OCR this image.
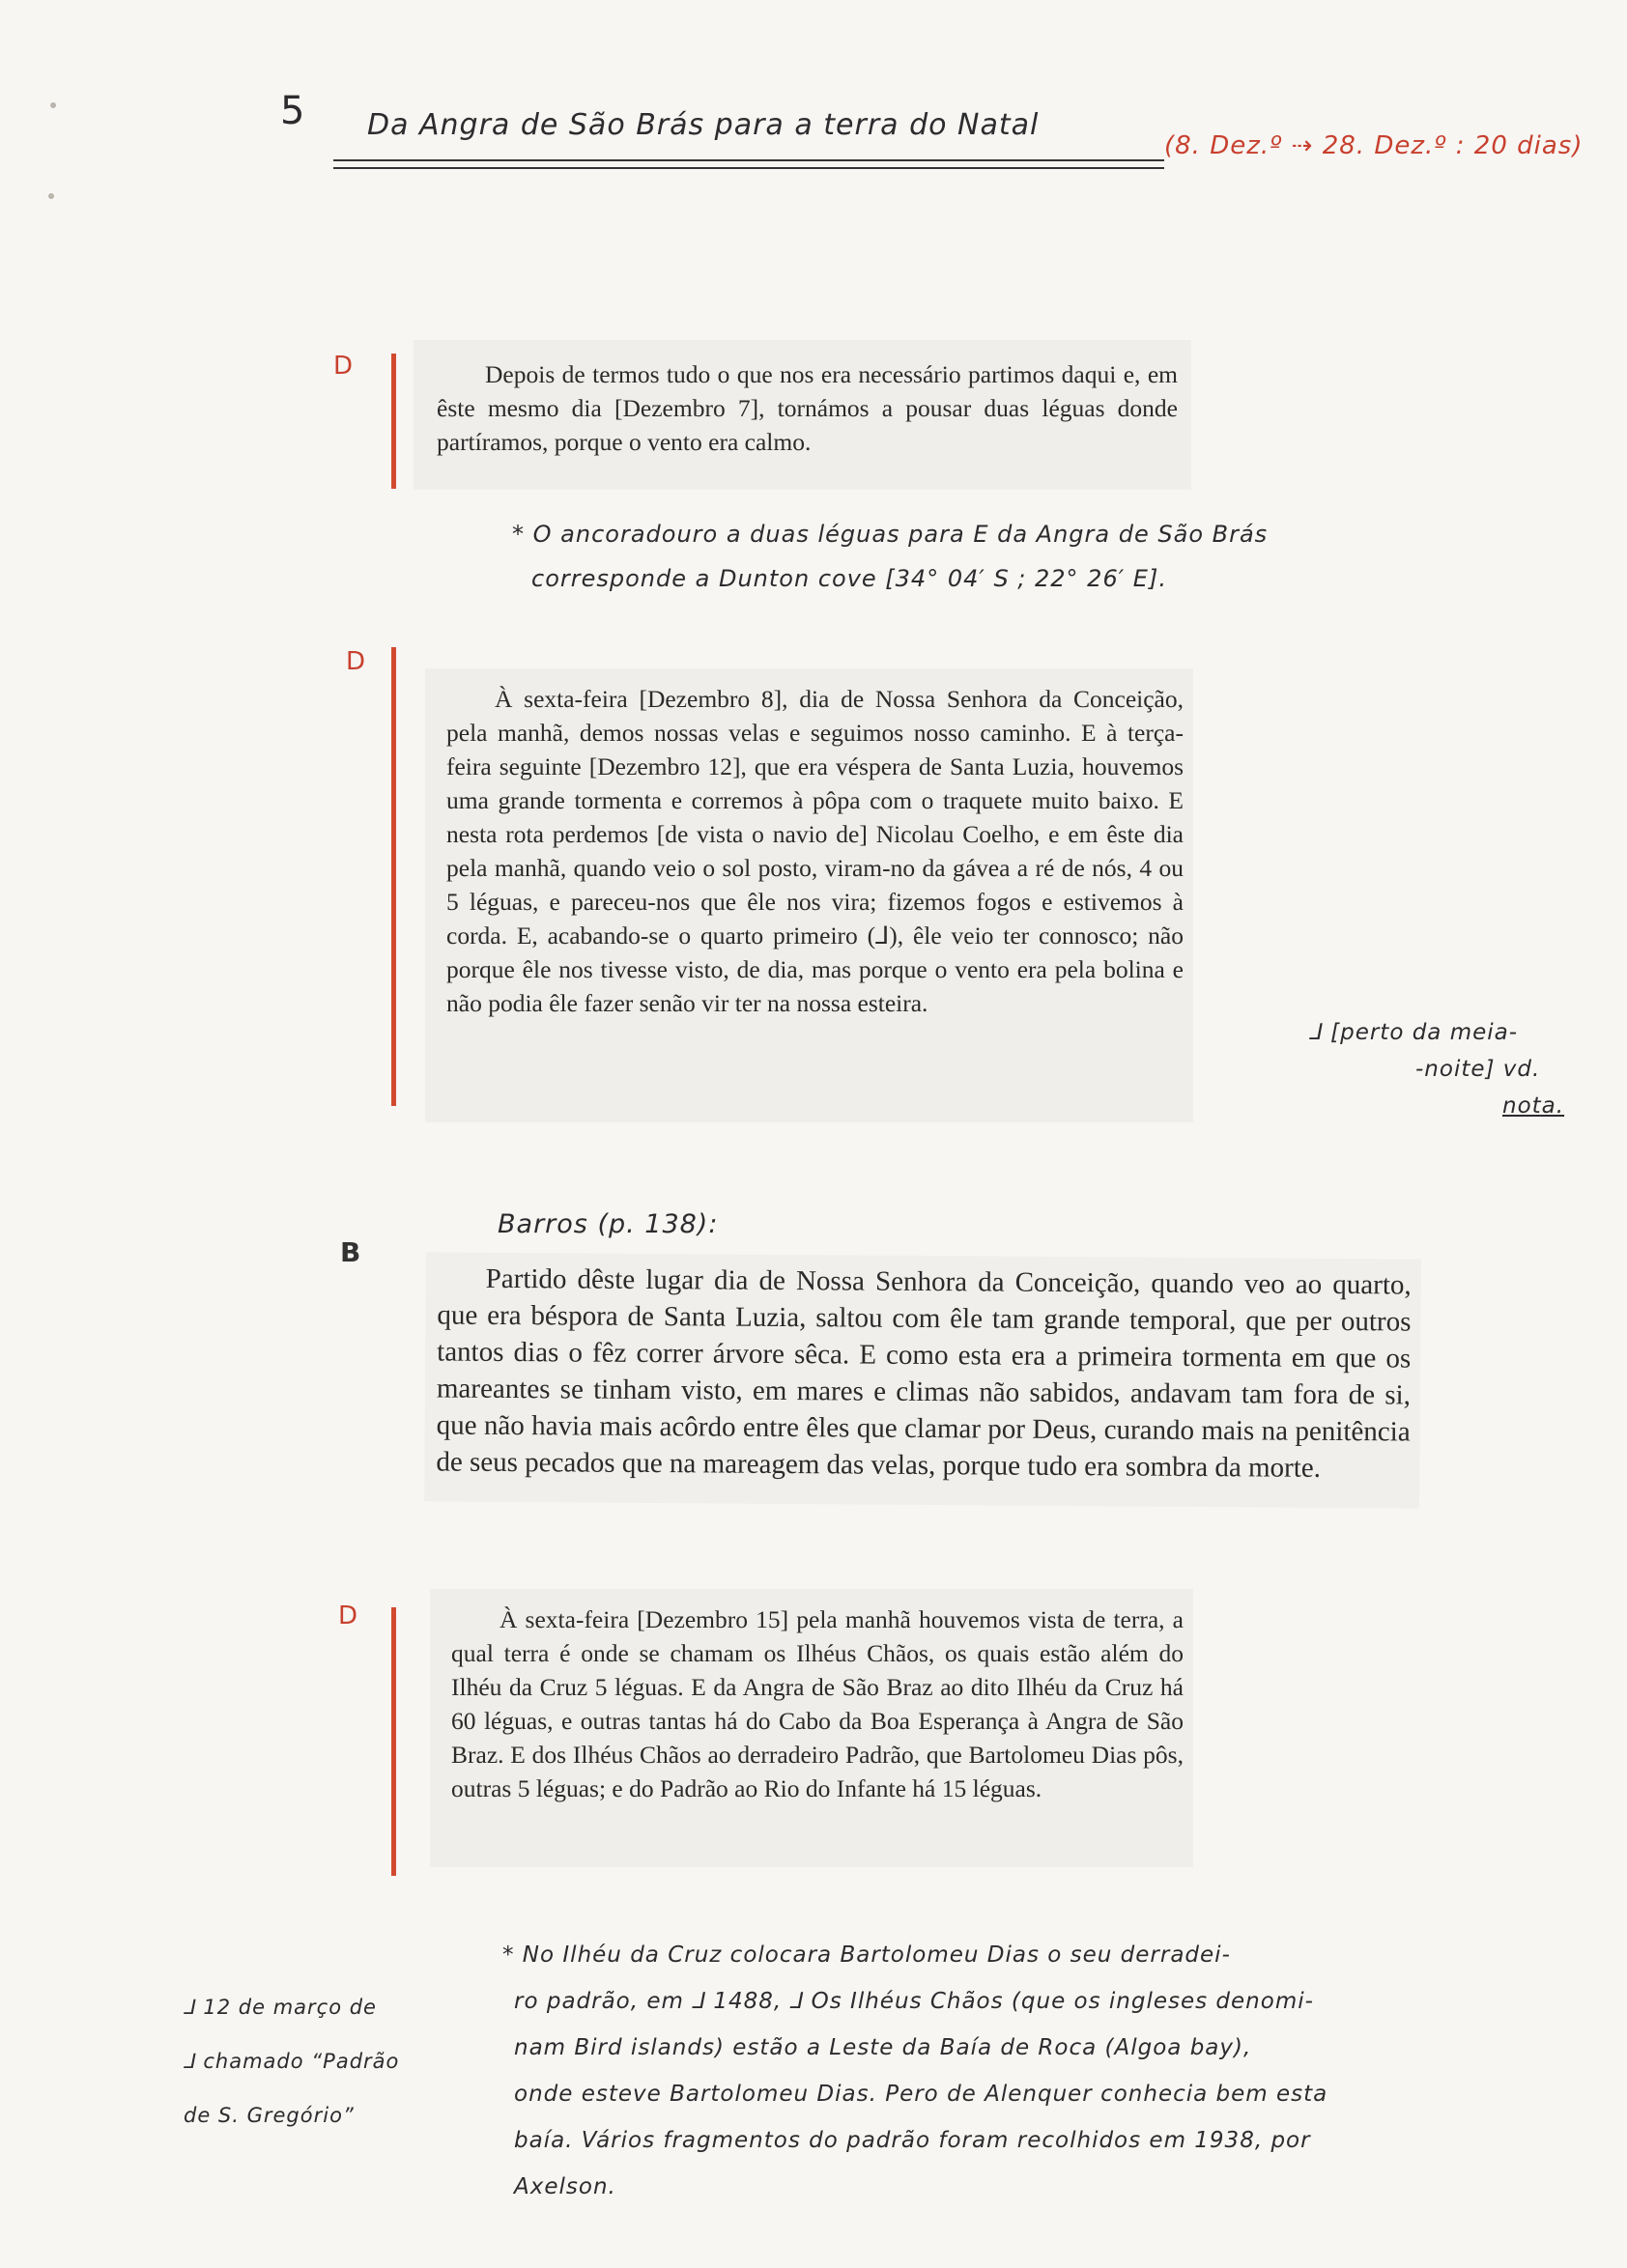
5 Da Angra de São Brás para a terra do Natal
(8. Dez.º ⇢ 28. Dez.º : 20 dias)
D	Depois de termos tudo o que nos era necessário partimos daqui e, em êste mesmo dia [Dezembro 7], tornámos a pousar duas léguas donde partíramos, porque o vento era calmo.

* O ancoradouro a duas léguas para E da Angra de São Brás
corresponde a Dunton cove [34° 04′ S ; 22° 26′ E].
D

À sexta-feira [Dezembro 8], dia de Nossa Senhora da Conceição, pela manhã, demos nossas velas e seguimos nosso caminho. E à terça-feira seguinte [Dezembro 12], que era véspera de Santa Luzia, houvemos uma grande tormenta e corremos à pôpa com o traquete muito baixo. E nesta rota perdemos [de vista o navio de] Nicolau Coelho, e em êste dia pela manhã, quando veio o sol posto, viram-no da gávea a ré de nós, 4 ou 5 léguas, e pareceu-nos que êle nos vira; fizemos fogos e estivemos à corda. E, acabando-se o quarto primeiro (⅃), êle veio ter connosco; não porque êle nos tivesse visto, de dia, mas porque o vento era pela bolina e não podia êle fazer senão vir ter na nossa esteira.

⅃ [perto da meia-
-noite] vd.
nota.
Barros (p. 138):
B

Partido dêste lugar dia de Nossa Senhora da Conceição, quando veo ao quarto, que era béspora de Santa Luzia, saltou com êle tam grande temporal, que per outros tantos dias o fêz correr árvore sêca. E como esta era a primeira tormenta em que os mareantes se tinham visto, em mares e climas não sabidos, andavam tam fora de si, que não havia mais acôrdo entre êles que clamar por Deus, curando mais na penitência de seus pecados que na mareagem das velas, porque tudo era sombra da morte.

D	À sexta-feira [Dezembro 15] pela manhã houvemos vista de terra, a qual terra é onde se chamam os Ilhéus Chãos, os quais estão além do Ilhéu da Cruz 5 léguas. E da Angra de São Braz ao dito Ilhéu da Cruz há 60 léguas, e outras tantas há do Cabo da Boa Esperança à Angra de São Braz. E dos Ilhéus Chãos ao derradeiro Padrão, que Bartolomeu Dias pôs, outras 5 léguas; e do Padrão ao Rio do Infante há 15 léguas.

* No Ilhéu da Cruz colocara Bartolomeu Dias o seu derradei-
ro padrão, em ⅃ 1488, ⅃ Os Ilhéus Chãos (que os ingleses denomi-
nam Bird islands) estão a Leste da Baía de Roca (Algoa bay),
onde esteve Bartolomeu Dias. Pero de Alenquer conhecia bem esta
baía. Vários fragmentos do padrão foram recolhidos em 1938, por
Axelson.
⅃ 12 de março de
⅃ chamado “Padrão
de S. Gregório”
